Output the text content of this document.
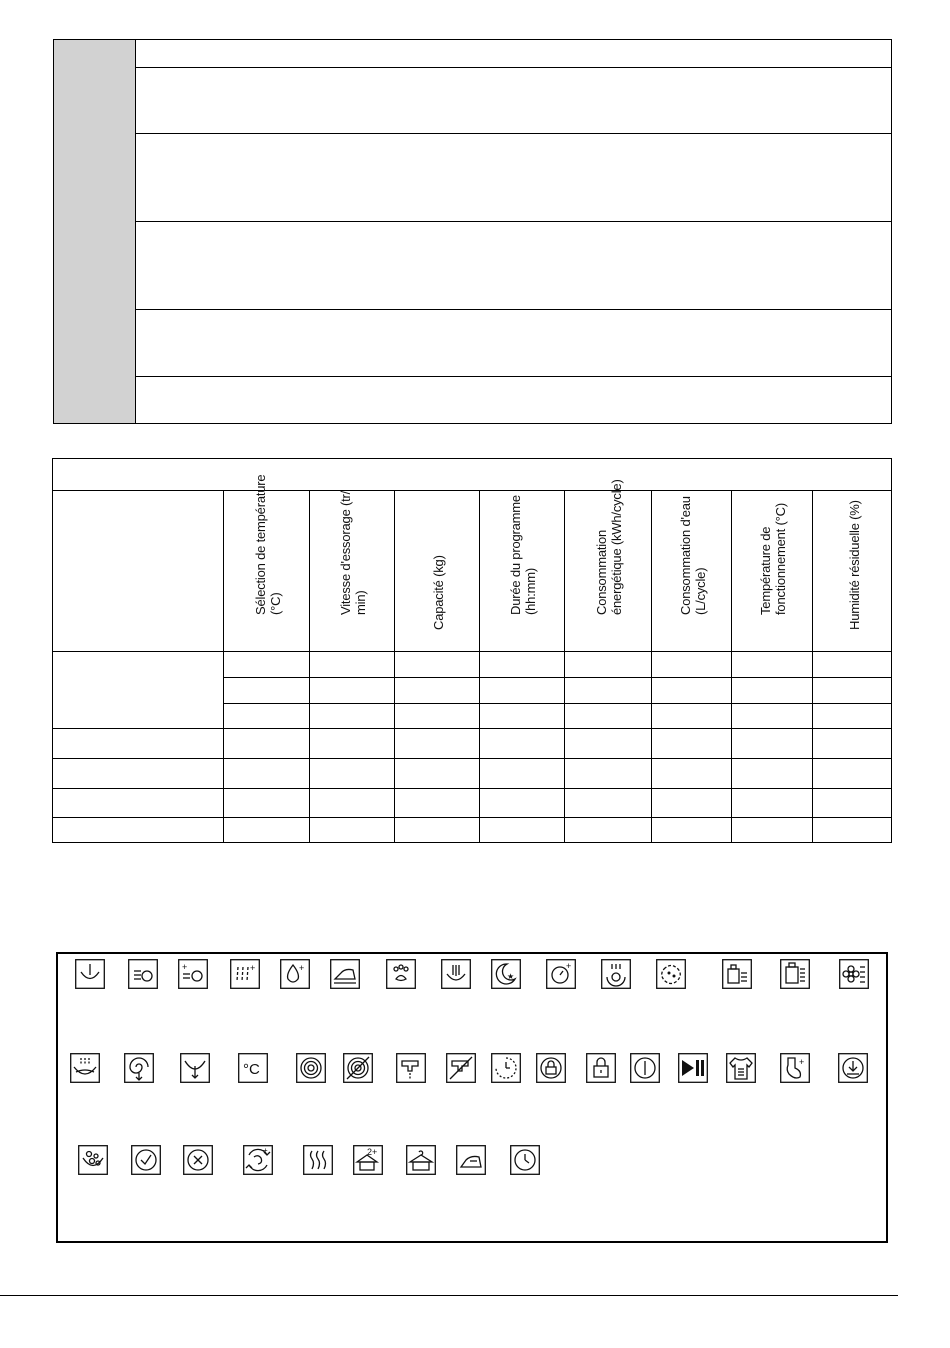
Sélection de température (°C)	Vitesse d'essorage (tr/ min)	Capacité (kg)	Durée du programme (hh:mm)	Consommation énergétique (kWh/cycle)	Consommation d'eau (L/cycle)	Température de fonctionnement (°C)	Humidité résiduelle (%)
+	+	+
★
+
°C	+
+	2+
